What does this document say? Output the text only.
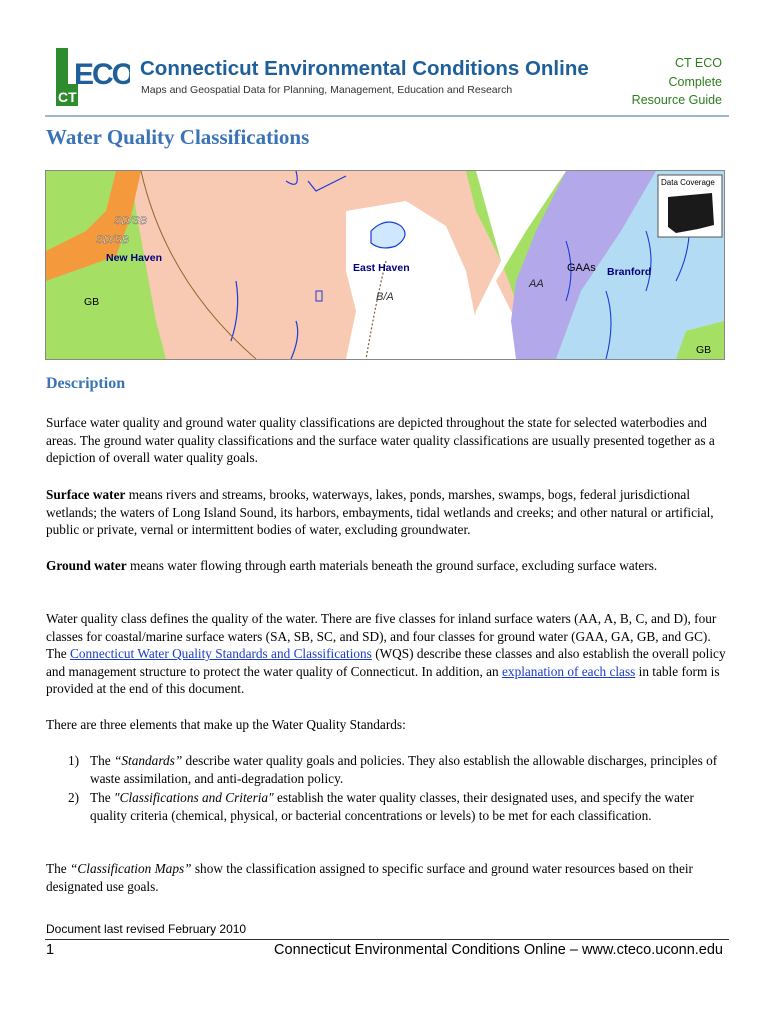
CT
ECO Connecticut Environmental Conditions Online
Maps and Geospatial Data for Planning, Management, Education and Research
CT ECO
Complete
Resource Guide
Water Quality Classifications
Data Coverage
SD/SB
SD/SB
New Haven
GB
East Haven
B/A
AA
GAAs Branford
GB
Description

Surface water quality and ground water quality classifications are depicted throughout the state for selected waterbodies and areas. The ground water quality classifications and the surface water quality classifications are usually presented together as a depiction of overall water quality goals.

Surface water means rivers and streams, brooks, waterways, lakes, ponds, marshes, swamps, bogs, federal jurisdictional wetlands; the waters of Long Island Sound, its harbors, embayments, tidal wetlands and creeks; and other natural or artificial, public or private, vernal or intermittent bodies of water, excluding groundwater.

Ground water means water flowing through earth materials beneath the ground surface, excluding surface waters.

Water quality class defines the quality of the water. There are five classes for inland surface waters (AA, A, B, C, and D), four classes for coastal/marine surface waters (SA, SB, SC, and SD), and four classes for ground water (GAA, GA, GB, and GC). The Connecticut Water Quality Standards and Classifications (WQS) describe these classes and also establish the overall policy and management structure to protect the water quality of Connecticut. In addition, an explanation of each class in table form is provided at the end of this document.

There are three elements that make up the Water Quality Standards:

1) The “Standards” describe water quality goals and policies. They also establish the allowable discharges, principles of waste assimilation, and anti-degradation policy.
2) The "Classifications and Criteria" establish the water quality classes, their designated uses, and specify the water quality criteria (chemical, physical, or bacterial concentrations or levels) to be met for each classification.

The “Classification Maps” show the classification assigned to specific surface and ground water resources based on their designated use goals.

Document last revised February 2010
1	Connecticut Environmental Conditions Online – www.cteco.uconn.edu
